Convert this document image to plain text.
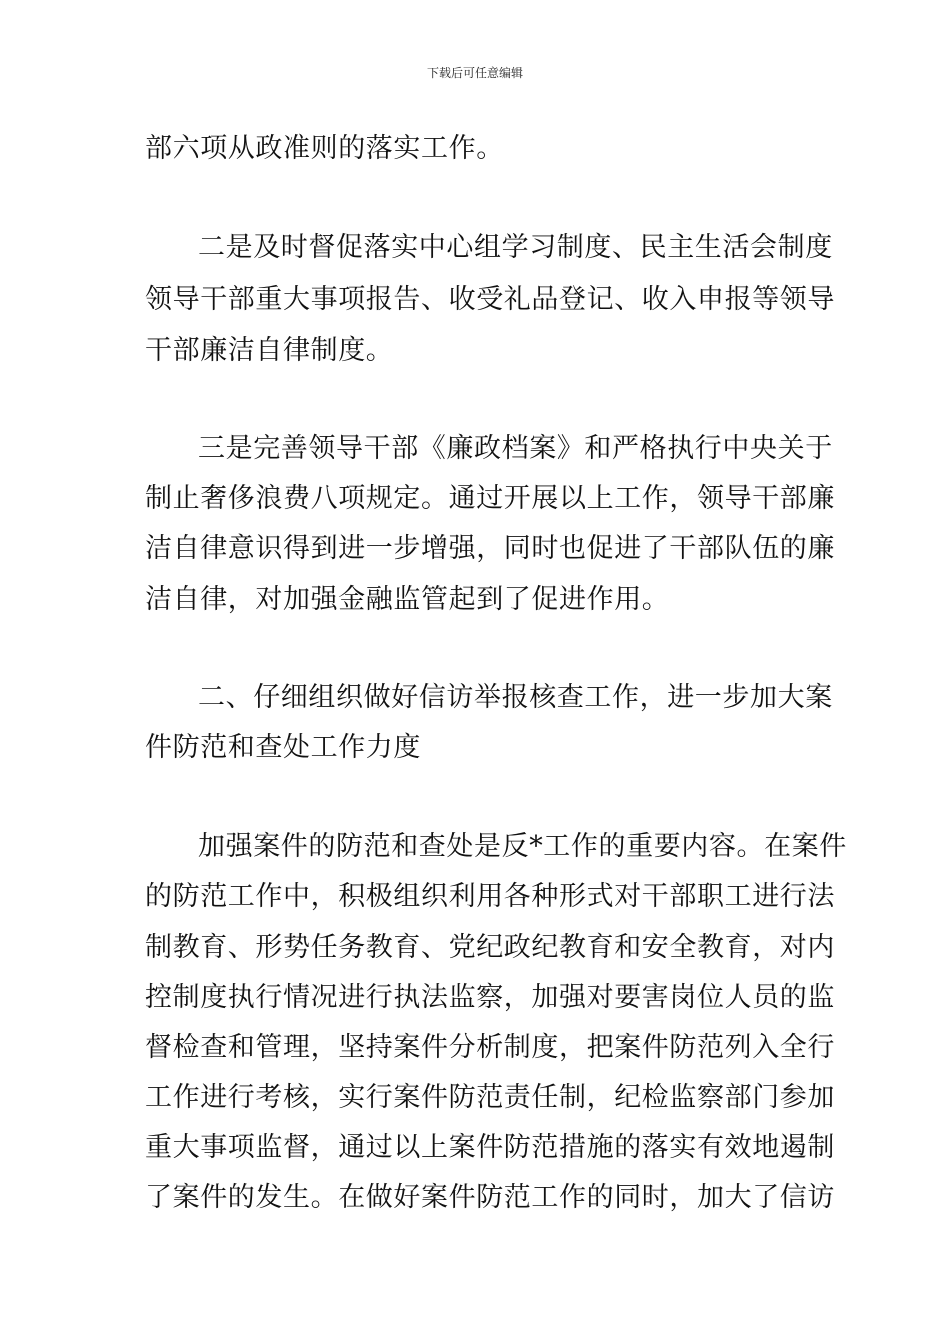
下载后可任意编辑
部六项从政准则的落实工作。
二是及时督促落实中心组学习制度、民主生活会制度
领导干部重大事项报告、收受礼品登记、收入申报等领导
干部廉洁自律制度。
三是完善领导干部《廉政档案》和严格执行中央关于
制止奢侈浪费八项规定。通过开展以上工作，领导干部廉
洁自律意识得到进一步增强，同时也促进了干部队伍的廉
洁自律，对加强金融监管起到了促进作用。
二、仔细组织做好信访举报核查工作，进一步加大案
件防范和查处工作力度
加强案件的防范和查处是反*工作的重要内容。在案件
的防范工作中，积极组织利用各种形式对干部职工进行法
制教育、形势任务教育、党纪政纪教育和安全教育，对内
控制度执行情况进行执法监察，加强对要害岗位人员的监
督检查和管理，坚持案件分析制度，把案件防范列入全行
工作进行考核，实行案件防范责任制，纪检监察部门参加
重大事项监督，通过以上案件防范措施的落实有效地遏制
了案件的发生。在做好案件防范工作的同时，加大了信访
